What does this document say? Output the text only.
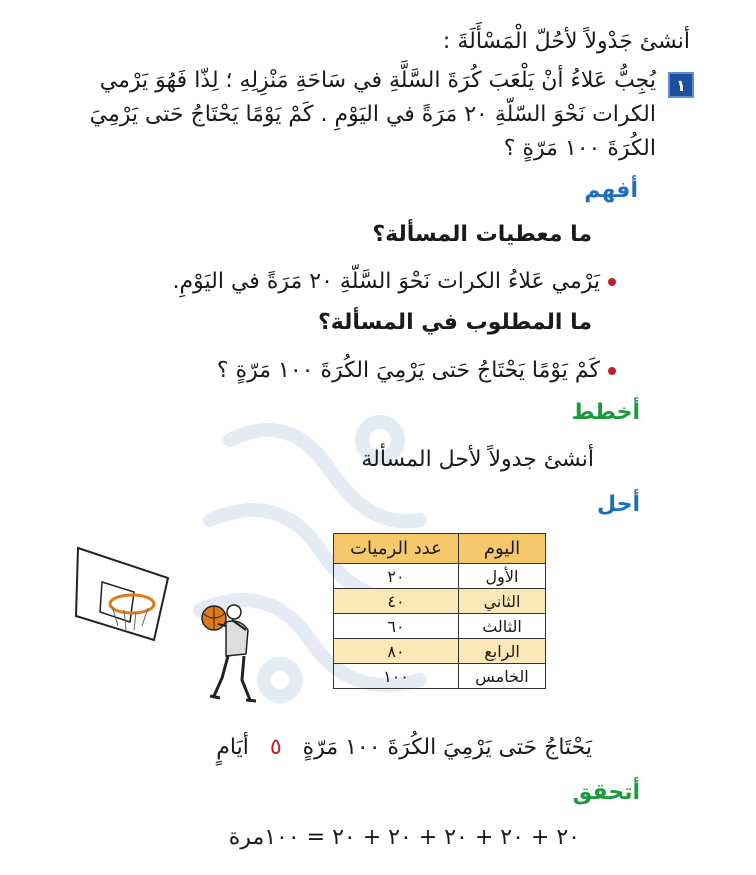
أنشئ جَدْولاً لأحُلّ الْمَسْأَلَةَ :
١
يُجِبُّ عَلاءُ أنْ يَلْعَبَ كُرَةَ السَّلَّةِ في سَاحَةِ مَنْزِلِهِ ؛ لِذّا فَهُوَ يَرْمي الكرات نَحْوَ السّلّةِ ٢٠ مَرَةً في اليَوْمِ . كَمْ يَوْمًا يَحْتَاجُ حَتى يَرْمِيَ الكُرَةَ ١٠٠ مَرّةٍ ؟
أفهم
ما معطيات المسألة؟
يَرْمي عَلاءُ الكرات نَحْوَ السَّلّةِ ٢٠ مَرَةً في اليَوْمِ.
ما المطلوب في المسألة؟
كَمْ يَوْمًا يَحْتَاجُ حَتى يَرْمِيَ الكُرَةَ ١٠٠ مَرّةٍ ؟
أخطط
أنشئ جدولاً لأحل المسألة
أحل
اليوم	عدد الرميات
الأول	٢٠
الثاني	٤٠
الثالث	٦٠
الرابع	٨٠
الخامس	١٠٠
يَحْتَاجُ حَتى يَرْمِيَ الكُرَةَ ١٠٠ مَرّةٍ   ٥   أيَامٍ
أتحقق
٢٠ + ٢٠ + ٢٠ + ٢٠ + ٢٠ = ١٠٠مرة
